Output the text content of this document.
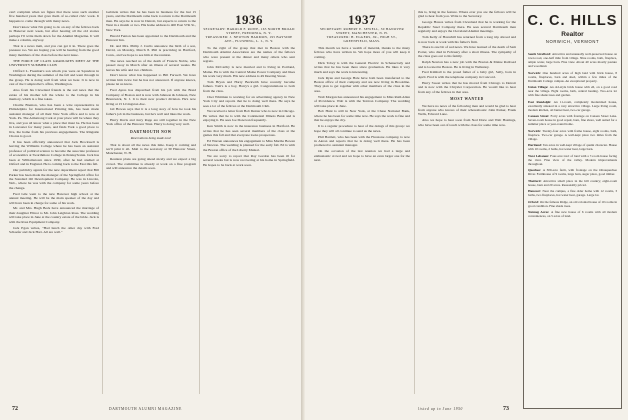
can't complain when we figure that there were such another five hundred years that gave them of so-called civic work. It happens to come through with many news.

Don't know what I'm going to do on any of the fellows back in Hanover next week, but after hearing all the old stories perhaps I'll write them down for the Alumni Magazine. It will make a column, anyway.

That is a news item, and you can get it in. There goes the pressure too. We are hoping you will be hearing from the good many members of the class before the next issue.

THE FORCE OF CLASS GRADUATES MEET AT THE UNIVERSITY SUMMER CLUB

Clifford L. Freeman's son whom you were on Squadron in Washington during the summer of the fall and went through in the group. He is doing well from what we hear. It is now in cast of the Comptroller's office, Washington.

Also from his Cleveland friends is the sad news that the estate of his mother left the whole to the College in his memory, which is a fine token.

Charlie Brenton, who has been a wire representative in Philadelphia for International Printing Ink, has been made assistant manager of all their New York office and is now at York. Pa. The Armstrong Cork at your place will be where they live, and you all know what a place that must be. He has been in Lancaster for many years, and finds York a good place to live, the home from his previous engagements. The Ringside Chorus is good.

It has been officially announced that Jack Brockwell is leaving the Williams College where he has been an assistant professor of political science to become the associate professor of economics at Swarthmore College in Pennsylvania. Jack has been at Williamstown since 1930, after he had studied at Oxford and in England. He is coming back to the East this fall.

Our publicity agents for the new department report that Bill Parker has been made the manager of the Springfield office for the Standard Oil Development Company. He was in Lincoln, Neb., where he was with the company for some years before the change.

Fred Gile went to the new Hanover high school at the annual meeting. He will be the main speaker of the day and will have been in charge for some of his work.

Mr. and Mrs. Hugh Beck have announced the marriage of their daughter Elinor to Mr. John Leighton Ross. The wedding will take place in June at the country estate of the bride. Jack is with the Ross Equipment Company.

Jack Egan writes, "Had lunch the other day with Fred Schaefer and Jack Hart. All are well."

Gabriele writes that he has been in business for the last 15 years, and the Dartmouth came back to return to the Dartmouth men. He says he is now in Detroit, but expects to return to the West in a month or two. His home address is 400 East 57th St., New York.

Harold Fenton has been appointed to the Dartmouth and the Hanover Inn.

Dr. and Mrs. Philip J. Curtis announce the birth of a son, David, on Monday, March 8. Phil is practicing in Hartford, Conn., and we hope to see him at the reunion.

The news reached us of the death of Francis Noble, who passed away in March after an illness of several weeks. He leaves his wife and two children.

Don't know what has happened to Bill Farwell. We have written him twice but he has not answered. If anyone knows, please let us know.

Fred Ayres has dispatched from his job with the Bond Company of Boston and is now with Johnson & Johnson, New Brunswick, N. J. It is their new product division. He's now living at 15 Livingston Ave.

Gil Howes says that it is a long story of how he took his father's job in the business, but he's well and likes the work.

Harry Davis and Jerry Rapp are still together in the New York office of the Hanover Trust. Harry is doing very well.

DARTMOUTH NOW
Reservations being made now!

That is about all the news this time. Keep it coming and we'll print it all. Mail to the secretary at 30 Hanover Street, Manchester, N. H.

Reunion plans are going ahead nicely and we expect a big crowd. The committee is already at work on a fine program and will announce the details soon.

1936
SECRETARY: HAROLD F. ROWE, 165 NORTH BROAD STREET, FREDONIA, N. Y.
TREASURER: J. NEWTON HARMON, 195 BAYSIDE AVE., FLUSHING, L. I., N. Y.

To the right of the group that met in Boston with the Dartmouth Alumni Association are the names of the fellows who were present at the dinner and many others who sent regrets.

John McCarthy is now married and is living in Portland, Maine. He is with the Central Maine Power Company and likes his work very much. His new address is 49 Deering Street.

Tom Bryan and Harry Beckwith have recently become fathers. Tom's is a boy, Harry's a girl. Congratulations to both from the class.

Chet Whitman is working for an advertising agency in New York City and reports that he is doing well there. He says he sees a lot of the fellows at the Dartmouth Club.

We received a letter from Bob Dexter who is now in Chicago. He writes that he is with the Continental Illinois Bank and is enjoying it. He sees Joe Donovan frequently.

Ken Smith is now in the insurance business in Hartford. He writes that he has seen several members of the class at the games this fall and that everyone looks prosperous.

Ed Warren announces his engagement to Miss Martha Bowen of Newton. The wedding is planned for the early fall. Ed is with the Boston office of the Liberty Mutual.

We are sorry to report that Ray Gordon has been ill for several weeks but is now recovering at his home in Springfield. He hopes to be back at work soon.

DARTMOUTH ALUMNI MAGAZINE
72
1937
SECRETARY: ROBERT E. SEWELL, 30 HANOVER STREET, MANCHESTER, N. H.
TREASURER: H. EGGERS, JR., HIGH ST., GREENFIELD, MASS.

This month we have a wealth of material, thanks to the many fellows who have written in. We hope more of you will keep it coming.

Dick Tobey is with the General Electric in Schenectady and writes that he has been there since graduation. He likes it very much and says the work is interesting.

Jack Ryan and George Hale have both been transferred to the Boston office of their company and are now living in Brookline. They plan to get together with other members of the class in the area.

Walt Morgan has announced his engagement to Miss Ruth Allen of Providence. Walt is with the Textron Company. The wedding will take place in June.

Bob Hunt is still in New York, at the Chase National Bank, where he has been for some time now. He says the work is fine and that he enjoys the city.

It is a regular procedure to hear of the doings of this group: we hope they will all continue to send us the news.

Phil Bartlett, who has been with the Firestone company, is now in Akron and reports that he is doing well there. He has been promoted to assistant manager.

On the occasion of the last reunion we had a large and enthusiastic crowd and we hope to have an even larger one for the next.

this is, bring in the feature. Where ever you are the fellows will be glad to hear from you. Write to the Secretary.

George Hawes writes from Cleveland that he is working for the Republic Steel Company there. He sees several Dartmouth men regularly and enjoys the Cleveland Alumni meetings.

Tom Kelly of Haverhill has returned from a long trip abroad and is now back at work with his father's firm.

There is one bit of sad news. We have learned of the death of Sam Porter, who died in February after a short illness. The sympathy of the class goes out to his family.

Ralph Newton has a new job with the Boston & Maine Railroad and is located in Boston. He is living in Wellesley.

Fred Kimball is the proud father of a baby girl, Sally, born in April. Fred is with the telephone company in Concord.

Harry Sweet writes that he has moved from Chicago to Detroit and is now with the Chrysler Corporation. He would like to hear from any of the fellows in that area.

MOST WANTED

We have no news of the following men and would be glad to hear from anyone who knows of their whereabouts: John Parker, Frank Wells, Edward Lane.

Also we hope to hear soon from Ned Drew and Walt Hastings, who have been out of touch with the class for some time now.

listed up to June 1950	73
C. C. HILLS
Realtor
NORWICH, VERMONT

South Strafford: Attractive and unusually well-preserved house on town road, one-half mile from village. Nine rooms, bath, fireplace, ample water, large barn. Fine view. About 40 acres mostly pasture and woodland.

Norwich: One hundred acres of high land with brick house, 8 rooms, fireplaces, barn and shed, within a few miles of the Dartmouth College campus. An exceptional property.

Union Village: An old-style brick house with ell, on a good road near the village. Eight rooms, bath, central heating. Two-acre lot with fine shade trees and garden.

East Randolph: An 11-room, completely modernized house, excellently situated in a very attractive village. Large living room, modern kitchen, oil burner heat, two-car garage.

Canaan Street: Forty acres with frontage on Canaan Street Lake. Seven-room house in good repair, barn, fine shore, well suited for a summer place or year-round home.

Norwich: Twenty-four acres with frame house, eight rooms, bath, fireplace. Two-car garage. A well-kept place two miles from the village.

Hartland: Ten acres in well-kept village of quaint character. House with 10 rooms, 2 baths, hot water heat, large barn.

West Lebanon: Four-acre tract of land with a 7-room house facing the river. Fine view of the valley. Modern improvements throughout.

Quechee: A 300-acre farm, with frontage on the Ottauquechee River. Farmhouse of 9 rooms, large barn, sugar place, good timber.

Thetford: Attractive small place in the hill country; eight-room house, barn and 20 acres. Reasonably priced.

Hanover: Near the campus, a fine older home with 12 rooms, 3 baths, two fireplaces, hot water heat, garage. Large lot.

Orford: On the famous Ridge, an old colonial house of 10 rooms in good condition. Fine shade trees.

Nutmeg Acres: A fine new house of 6 rooms with all modern conveniences, on 5 acres of land.
